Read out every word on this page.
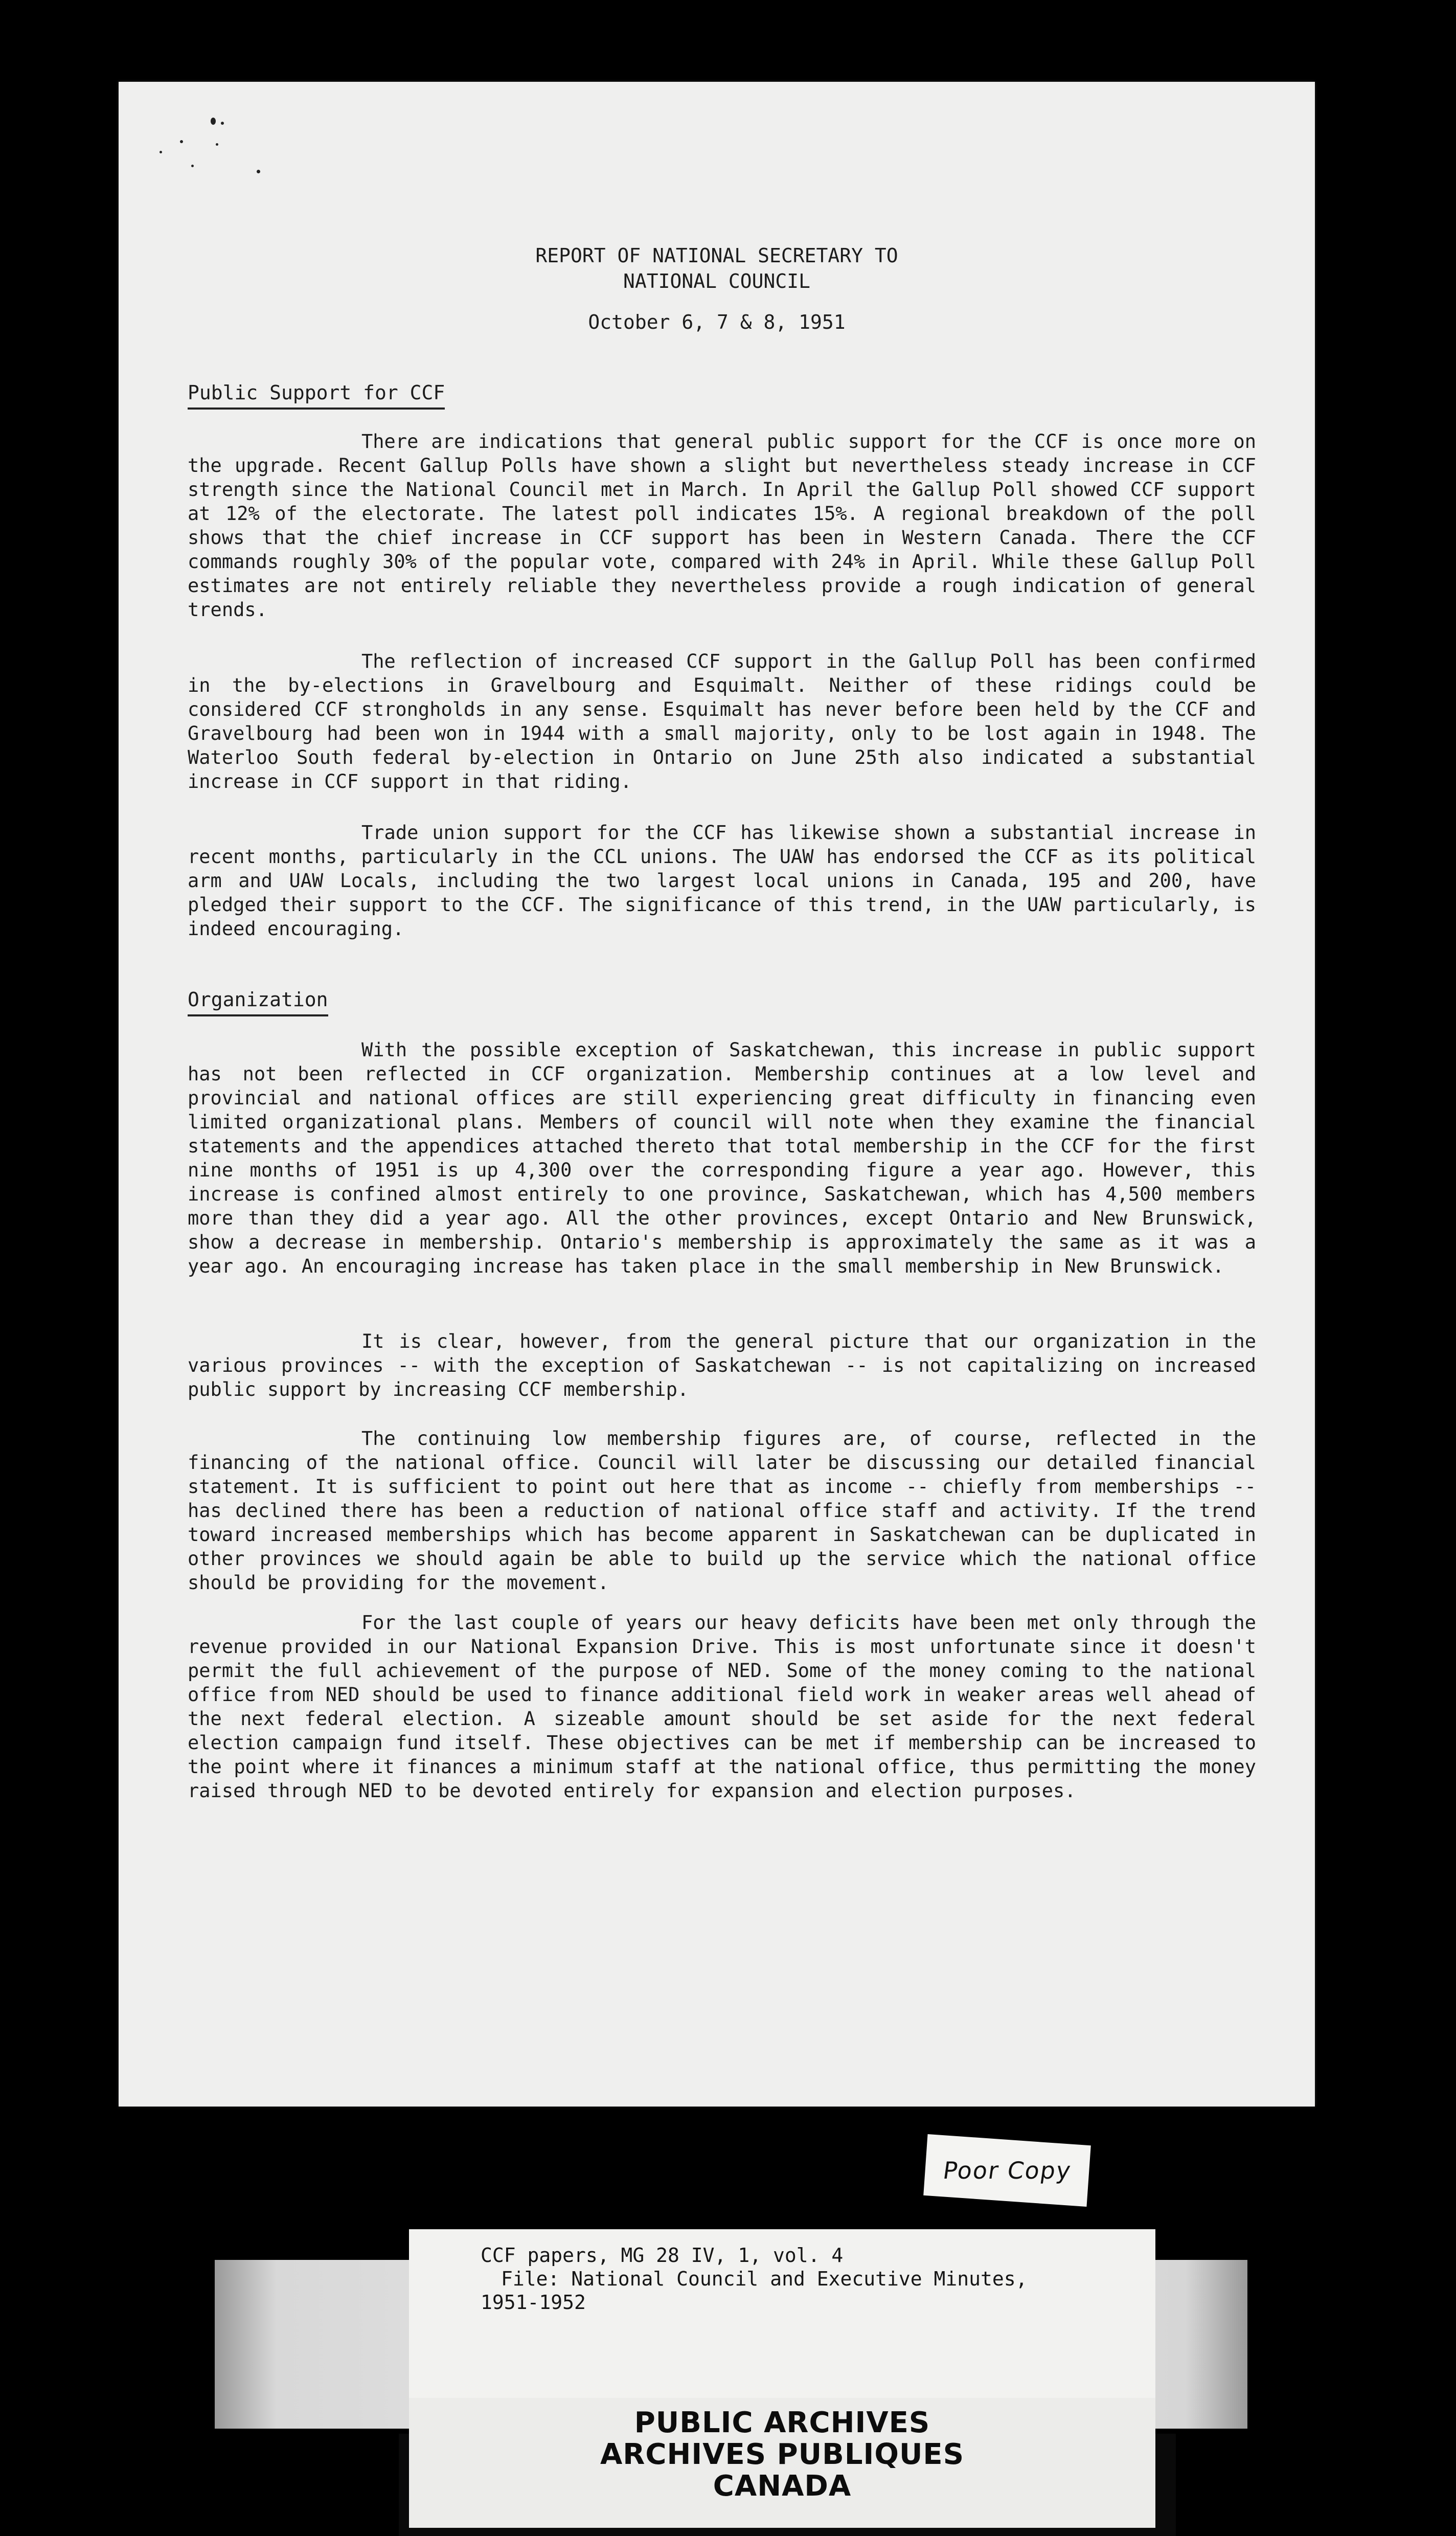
REPORT OF NATIONAL SECRETARY TO
NATIONAL COUNCIL
October 6, 7 & 8, 1951
Public Support for CCF

There are indications that general public support for the CCF is once more on the upgrade. Recent Gallup Polls have shown a slight but nevertheless steady increase in CCF strength since the National Council met in March. In April the Gallup Poll showed CCF support at 12% of the electorate. The latest poll indicates 15%. A regional breakdown of the poll shows that the chief increase in CCF support has been in Western Canada. There the CCF commands roughly 30% of the popular vote, compared with 24% in April. While these Gallup Poll estimates are not entirely reliable they nevertheless provide a rough indication of general trends.

The reflection of increased CCF support in the Gallup Poll has been confirmed in the by-elections in Gravelbourg and Esquimalt. Neither of these ridings could be considered CCF strongholds in any sense. Esquimalt has never before been held by the CCF and Gravelbourg had been won in 1944 with a small majority, only to be lost again in 1948. The Waterloo South federal by-election in Ontario on June 25th also indicated a substantial increase in CCF support in that riding.

Trade union support for the CCF has likewise shown a substantial increase in recent months, particularly in the CCL unions. The UAW has endorsed the CCF as its political arm and UAW Locals, including the two largest local unions in Canada, 195 and 200, have pledged their support to the CCF. The significance of this trend, in the UAW particularly, is indeed encouraging.

Organization

With the possible exception of Saskatchewan, this increase in public support has not been reflected in CCF organization. Membership continues at a low level and provincial and national offices are still experiencing great difficulty in financing even limited organizational plans. Members of council will note when they examine the financial statements and the appendices attached thereto that total membership in the CCF for the first nine months of 1951 is up 4,300 over the corresponding figure a year ago. However, this increase is confined almost entirely to one province, Saskatchewan, which has 4,500 members more than they did a year ago. All the other provinces, except Ontario and New Brunswick, show a decrease in membership. Ontario's membership is approximately the same as it was a year ago. An encouraging increase has taken place in the small membership in New Brunswick.

It is clear, however, from the general picture that our organization in the various provinces -- with the exception of Saskatchewan -- is not capitalizing on increased public support by increasing CCF membership.

The continuing low membership figures are, of course, reflected in the financing of the national office. Council will later be discussing our detailed financial statement. It is sufficient to point out here that as income -- chiefly from memberships -- has declined there has been a reduction of national office staff and activity. If the trend toward increased memberships which has become apparent in Saskatchewan can be duplicated in other provinces we should again be able to build up the service which the national office should be providing for the movement.

For the last couple of years our heavy deficits have been met only through the revenue provided in our National Expansion Drive. This is most unfortunate since it doesn't permit the full achievement of the purpose of NED. Some of the money coming to the national office from NED should be used to finance additional field work in weaker areas well ahead of the next federal election. A sizeable amount should be set aside for the next federal election campaign fund itself. These objectives can be met if membership can be increased to the point where it finances a minimum staff at the national office, thus permitting the money raised through NED to be devoted entirely for expansion and election purposes.

Poor Copy
CCF papers, MG 28 IV, 1, vol. 4
File: National Council and Executive Minutes,
1951-1952
PUBLIC ARCHIVES
ARCHIVES PUBLIQUES
CANADA
